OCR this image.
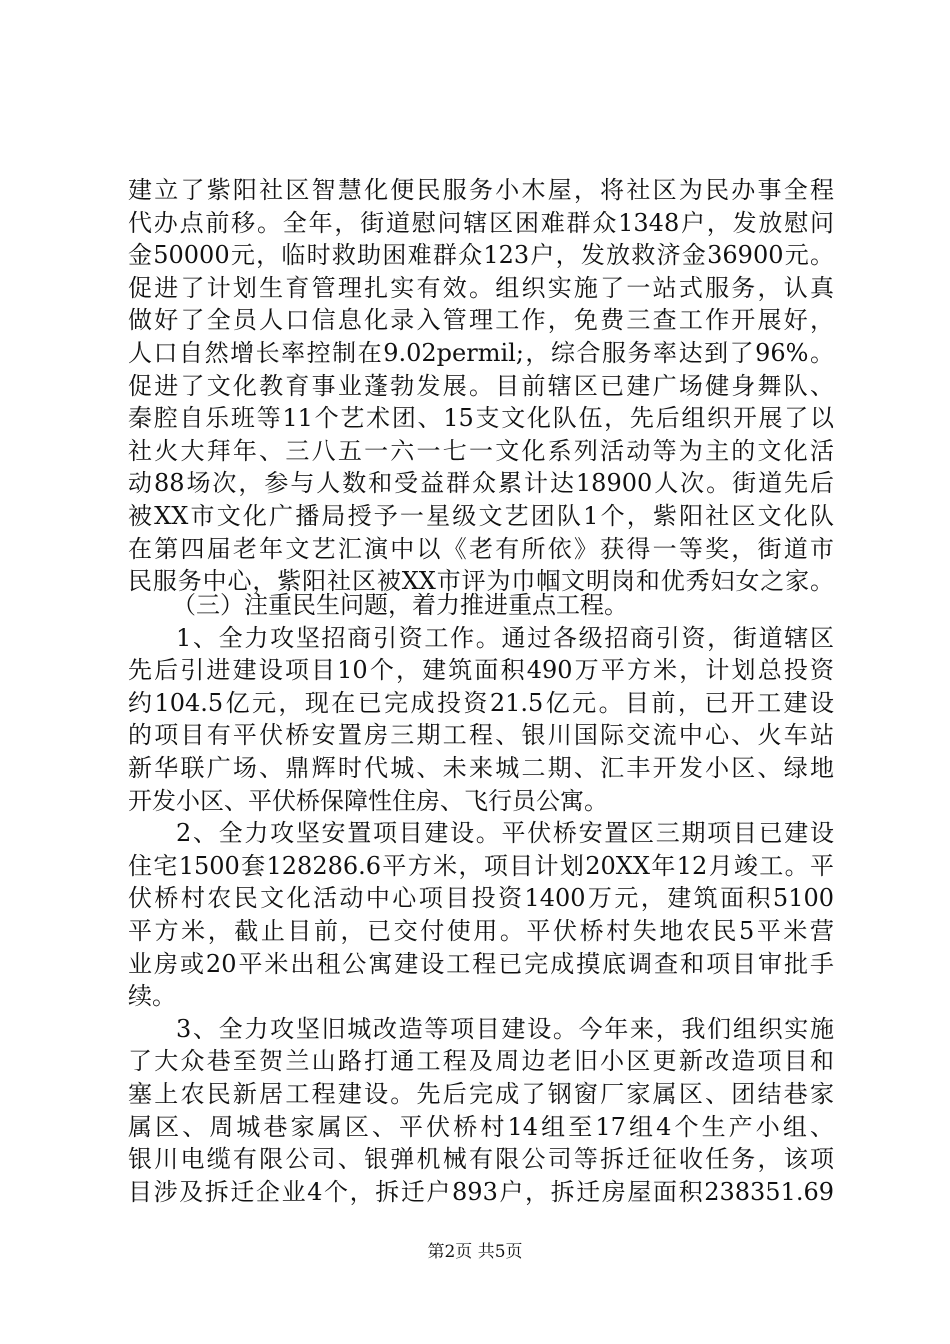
建立了紫阳社区智慧化便民服务小木屋，将社区为民办事全程
代办点前移。全年，街道慰问辖区困难群众1348户，发放慰问
金50000元，临时救助困难群众123户，发放救济金36900元。
促进了计划生育管理扎实有效。组织实施了一站式服务，认真
做好了全员人口信息化录入管理工作，免费三查工作开展好，
人口自然增长率控制在9.02permil;，综合服务率达到了96%。
促进了文化教育事业蓬勃发展。目前辖区已建广场健身舞队、
秦腔自乐班等11个艺术团、15支文化队伍，先后组织开展了以
社火大拜年、三八五一六一七一文化系列活动等为主的文化活
动88场次，参与人数和受益群众累计达18900人次。街道先后
被XX市文化广播局授予一星级文艺团队1个，紫阳社区文化队
在第四届老年文艺汇演中以《老有所依》获得一等奖，街道市
民服务中心，紫阳社区被XX市评为巾帼文明岗和优秀妇女之家。
（三）注重民生问题，着力推进重点工程。
1、全力攻坚招商引资工作。通过各级招商引资，街道辖区
先后引进建设项目10个，建筑面积490万平方米，计划总投资
约104.5亿元，现在已完成投资21.5亿元。目前，已开工建设
的项目有平伏桥安置房三期工程、银川国际交流中心、火车站
新华联广场、鼎辉时代城、未来城二期、汇丰开发小区、绿地
开发小区、平伏桥保障性住房、飞行员公寓。
2、全力攻坚安置项目建设。平伏桥安置区三期项目已建设
住宅1500套128286.6平方米，项目计划20XX年12月竣工。平
伏桥村农民文化活动中心项目投资1400万元，建筑面积5100
平方米，截止目前，已交付使用。平伏桥村失地农民5平米营
业房或20平米出租公寓建设工程已完成摸底调查和项目审批手
续。
3、全力攻坚旧城改造等项目建设。今年来，我们组织实施
了大众巷至贺兰山路打通工程及周边老旧小区更新改造项目和
塞上农民新居工程建设。先后完成了钢窗厂家属区、团结巷家
属区、周城巷家属区、平伏桥村14组至17组4个生产小组、
银川电缆有限公司、银弹机械有限公司等拆迁征收任务，该项
目涉及拆迁企业4个，拆迁户893户，拆迁房屋面积238351.69
第2页 共5页
